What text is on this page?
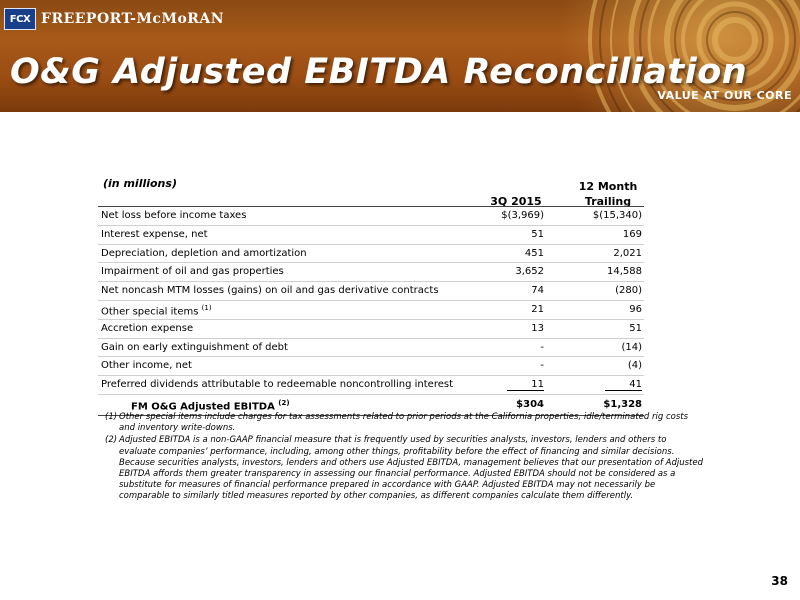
FCX FREEPORT-McMoRAN
O&G Adjusted EBITDA Reconciliation
VALUE AT OUR CORE
(in millions)
3Q 2015
12 Month
Trailing
Net loss before income taxes	$(3,969)	$(15,340)
Interest expense, net	51	169
Depreciation, depletion and amortization	451	2,021
Impairment of oil and gas properties	3,652	14,588
Net noncash MTM losses (gains) on oil and gas derivative contracts	74	(280)
Other special items $^{(1)}$	21	96
Accretion expense	13	51
Gain on early extinguishment of debt	-	(14)
Other income, net	-	(4)
Preferred dividends attributable to redeemable noncontrolling interest	11	41
FM O&G Adjusted EBITDA $^{(2)}$	$304	$1,328
(1) Other special items include charges for tax assessments related to prior periods at the California properties, idle/terminated rig costs and inventory write-downs.
(2) Adjusted EBITDA is a non-GAAP financial measure that is frequently used by securities analysts, investors, lenders and others to evaluate companies’ performance, including, among other things, profitability before the effect of financing and similar decisions. Because securities analysts, investors, lenders and others use Adjusted EBITDA, management believes that our presentation of Adjusted EBITDA affords them greater transparency in assessing our financial performance. Adjusted EBITDA should not be considered as a substitute for measures of financial performance prepared in accordance with GAAP. Adjusted EBITDA may not necessarily be comparable to similarly titled measures reported by other companies, as different companies calculate them differently.
38
